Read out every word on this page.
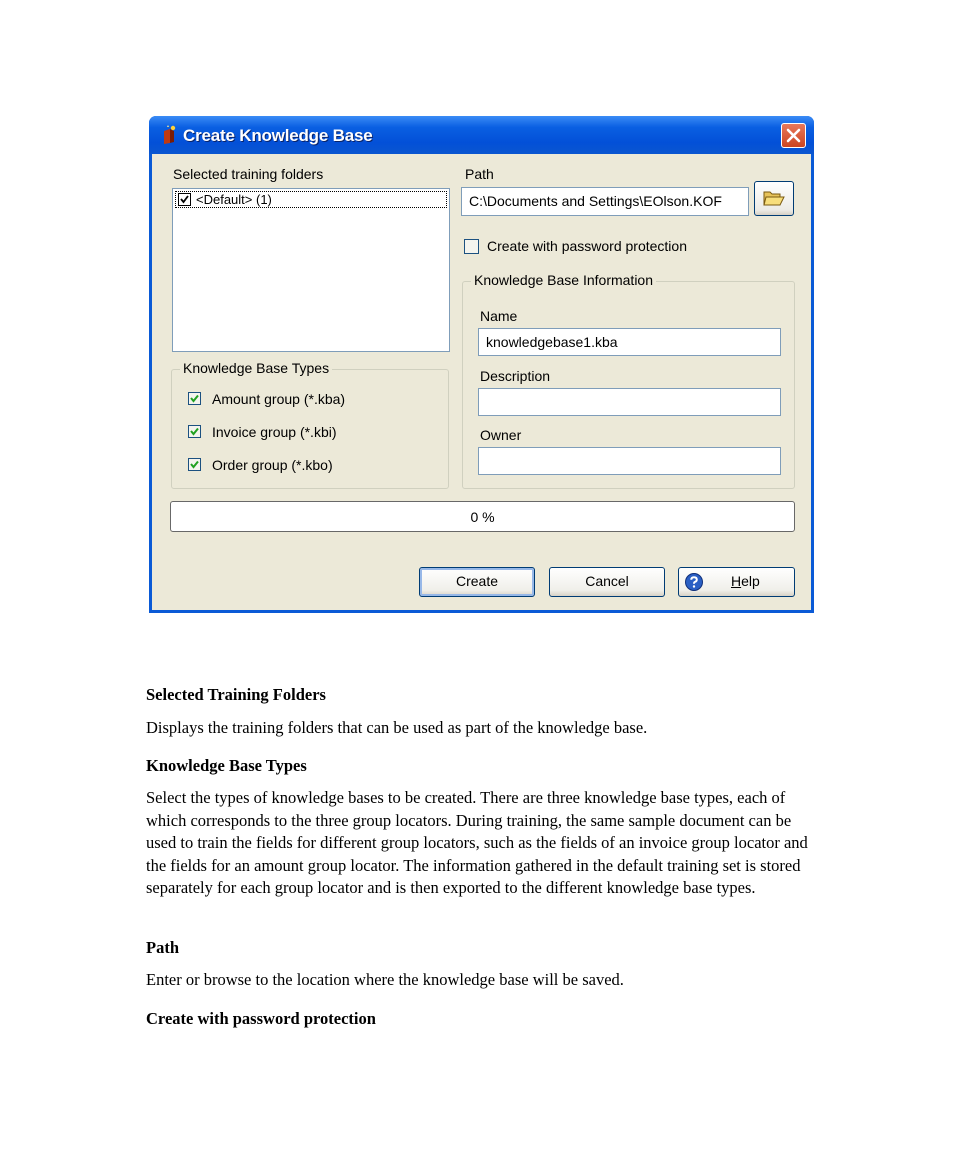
Create Knowledge Base
Selected training folders
<Default> (1)
Knowledge Base Types
Amount group (*.kba)
Invoice group (*.kbi)
Order group (*.kbo)
Path
C:\Documents and Settings\EOlson.KOF
Create with password protection
Knowledge Base Information
Name
knowledgebase1.kba
Description
Owner
0 %
Create	Cancel	Help
Selected Training Folders
Displays the training folders that can be used as part of the knowledge base.
Knowledge Base Types
Select the types of knowledge bases to be created. There are three knowledge base types, each of which corresponds to the three group locators. During training, the same sample document can be used to train the fields for different group locators, such as the fields of an invoice group locator and the fields for an amount group locator. The information gathered in the default training set is stored separately for each group locator and is then exported to the different knowledge base types.
Path
Enter or browse to the location where the knowledge base will be saved.
Create with password protection
